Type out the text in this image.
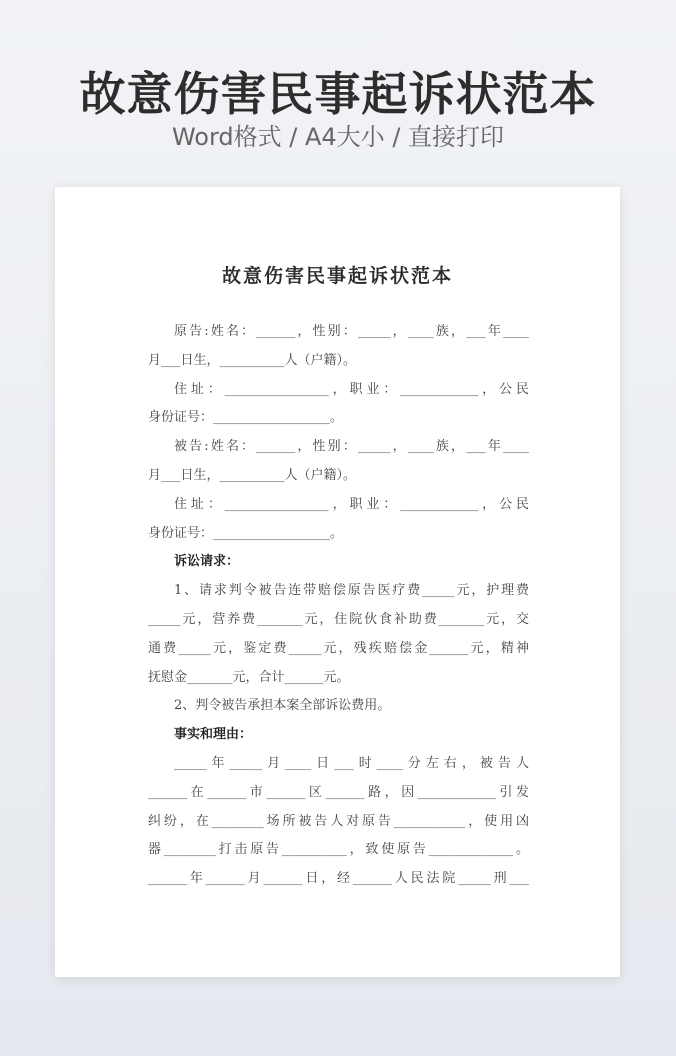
故意伤害民事起诉状范本
Word格式 / A4大小 / 直接打印
故意伤害民事起诉状范本
原告:姓名：______，性别：_____，____族，___年____
月___日生，__________人（户籍）。
住址：________________，职业：____________，公民
身份证号：__________________。
被告:姓名：______，性别：_____，____族，___年____
月___日生，__________人（户籍）。
住址：________________，职业：____________，公民
身份证号：__________________。
诉讼请求：
1、请求判令被告连带赔偿原告医疗费_____元，护理费
_____元，营养费_______元，住院伙食补助费_______元，交
通费_____元，鉴定费_____元，残疾赔偿金______元，精神
抚慰金_______元，合计______元。
2、判令被告承担本案全部诉讼费用。
事实和理由：
_____年_____月____日___时____分左右，被告人
______在______市______区______路，因____________引发
纠纷，在________场所被告人对原告___________，使用凶
器________打击原告__________，致使原告_____________。
______年______月______日，经______人民法院_____刑___
